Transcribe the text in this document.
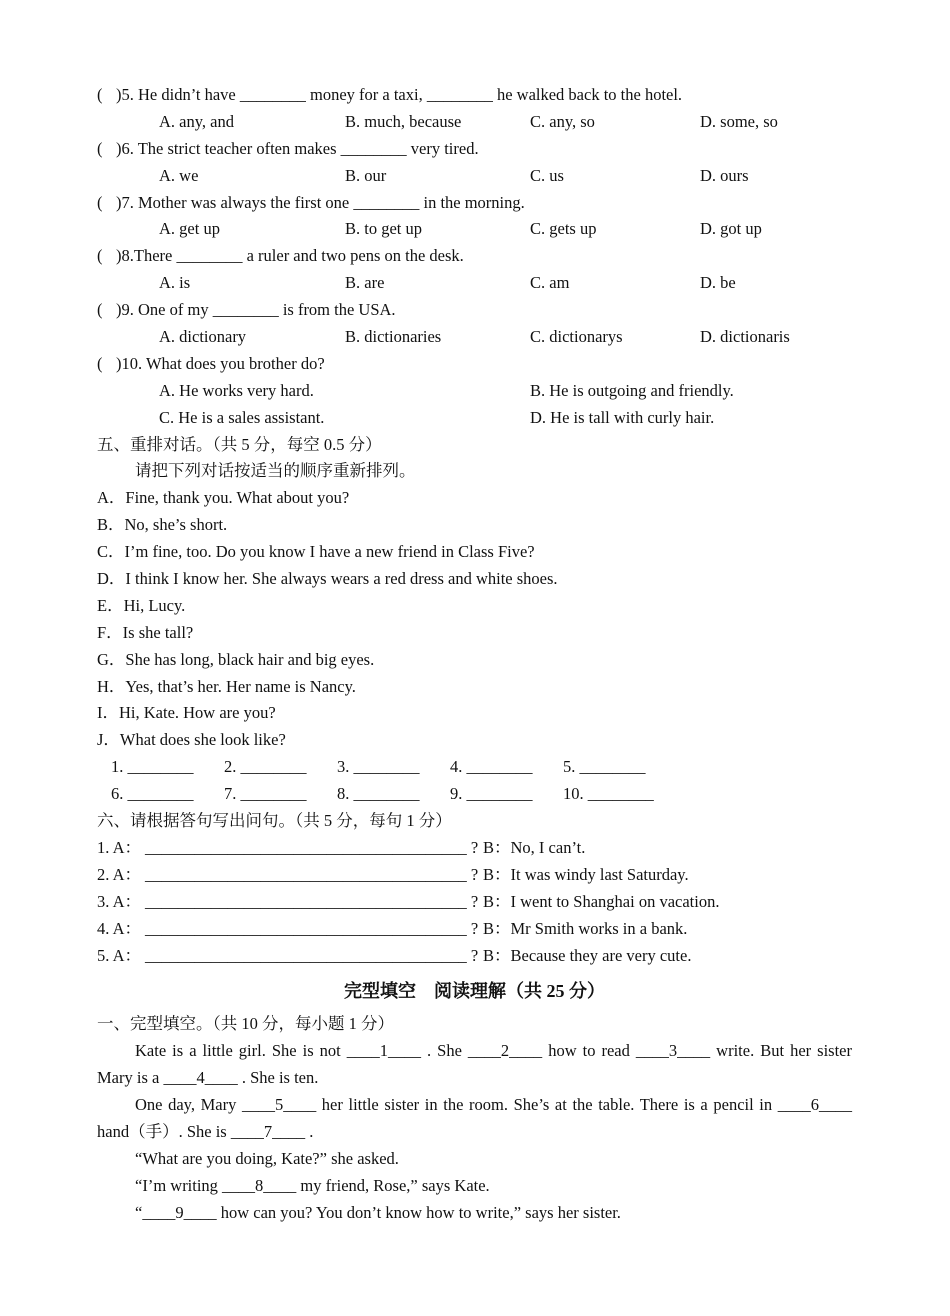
( )5. He didn’t have ________ money for a taxi, ________ he walked back to the hotel.
A. any, and	B. much, because	C. any, so	D. some, so
( )6. The strict teacher often makes ________ very tired.
A. we	B. our	C. us	D. ours
( )7. Mother was always the first one ________ in the morning.
A. get up	B. to get up	C. gets up	D. got up
( )8.There ________ a ruler and two pens on the desk.
A. is	B. are	C. am	D. be
( )9. One of my ________ is from the USA.
A. dictionary	B. dictionaries	C. dictionarys	D. dictionaris
( )10. What does you brother do?
A. He works very hard.	B. He is outgoing and friendly.
C. He is a sales assistant.	D. He is tall with curly hair.
五、重排对话。（共 5 分，每空 0.5 分）
请把下列对话按适当的顺序重新排列。
A．Fine, thank you. What about you?
B．No, she’s short.
C．I’m fine, too. Do you know I have a new friend in Class Five?
D．I think I know her. She always wears a red dress and white shoes.
E．Hi, Lucy.
F．Is she tall?
G．She has long, black hair and big eyes.
H．Yes, that’s her. Her name is Nancy.
I．Hi, Kate. How are you?
J．What does she look like?
1. ________ 2. ________ 3. ________ 4. ________ 5. ________
6. ________ 7. ________ 8. ________ 9. ________ 10. ________
六、请根据答句写出问句。（共 5 分，每句 1 分）
1. A： _______________________________________ ? B：No, I can’t.
2. A： _______________________________________ ? B：It was windy last Saturday.
3. A： _______________________________________ ? B：I went to Shanghai on vacation.
4. A： _______________________________________ ? B：Mr Smith works in a bank.
5. A： _______________________________________ ? B：Because they are very cute.
完型填空　阅读理解（共 25 分）
一、完型填空。（共 10 分，每小题 1 分）
Kate is a little girl. She is not ____1____ . She ____2____ how to read ____3____ write. But her sister Mary is a ____4____ . She is ten.
One day, Mary ____5____ her little sister in the room. She’s at the table. There is a pencil in ____6____ hand（手）. She is ____7____ .
“What are you doing, Kate?” she asked.
“I’m writing ____8____ my friend, Rose,” says Kate.
“____9____ how can you? You don’t know how to write,” says her sister.
